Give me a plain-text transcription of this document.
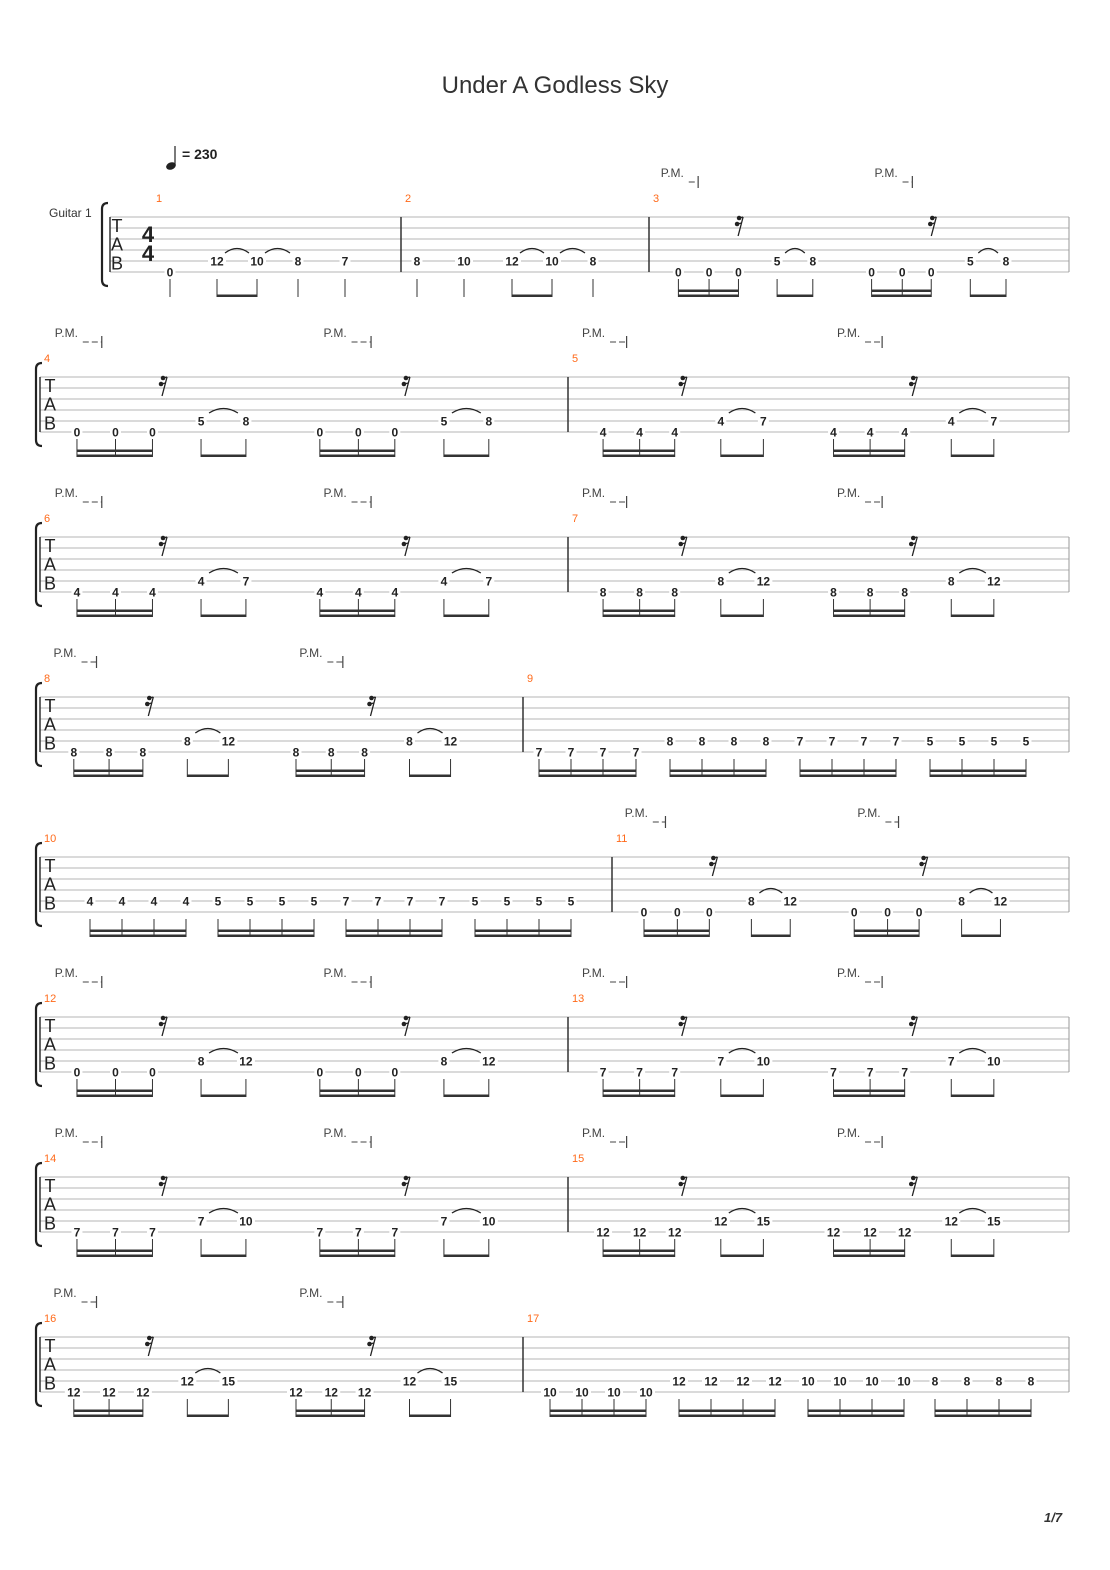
Under A Godless Sky
= 230
Guitar 1
T
A
B
4
4
1
0
12 10	8	7
2
8	10	12 10	8
3
P.M.	P.M.
0 0 0
5 8
0 0 0
5 8
T
A
B
4
P.M.	P.M.
0	0	0
5	8
0	0 0
5	8
5
P.M.	P.M.
4 4 4
4	7
4 4 4
4	7
T
A
B
6
P.M.	P.M.
4	4	4
4	7
4	4 4
4	7
7
P.M.	P.M.
8 8 8
8	12
8 8 8
8	12
T
A
B
8
P.M.	P.M.
8 8 8
8	12
8 8 8
8	12
9
7 7 7 7
8 8 8 8 7 7 7 7 5 5 5 5
T
A
B
10
4 4 4 4 5 5 5 5 7 7 7 7 5 5 5 5
11
P.M.	P.M.
0 0 0
8 12
0 0 0
8 12
T
A
B
12
P.M.	P.M.
0	0	0
8	12
0	0 0
8	12
13
P.M.	P.M.
7 7 7
7	10
7 7 7
7	10
T
A
B
14
P.M.	P.M.
7	7	7
7	10
7	7 7
7	10
15
P.M.	P.M.
12 12 12
12 15
12 12 12
12 15
T
A
B
16
P.M.	P.M.
12 12 12
12 15
12 12 12
12 15
17
10 10 10 10
12 12 12 12 10 10 10 10 8 8 8 8
1/7
